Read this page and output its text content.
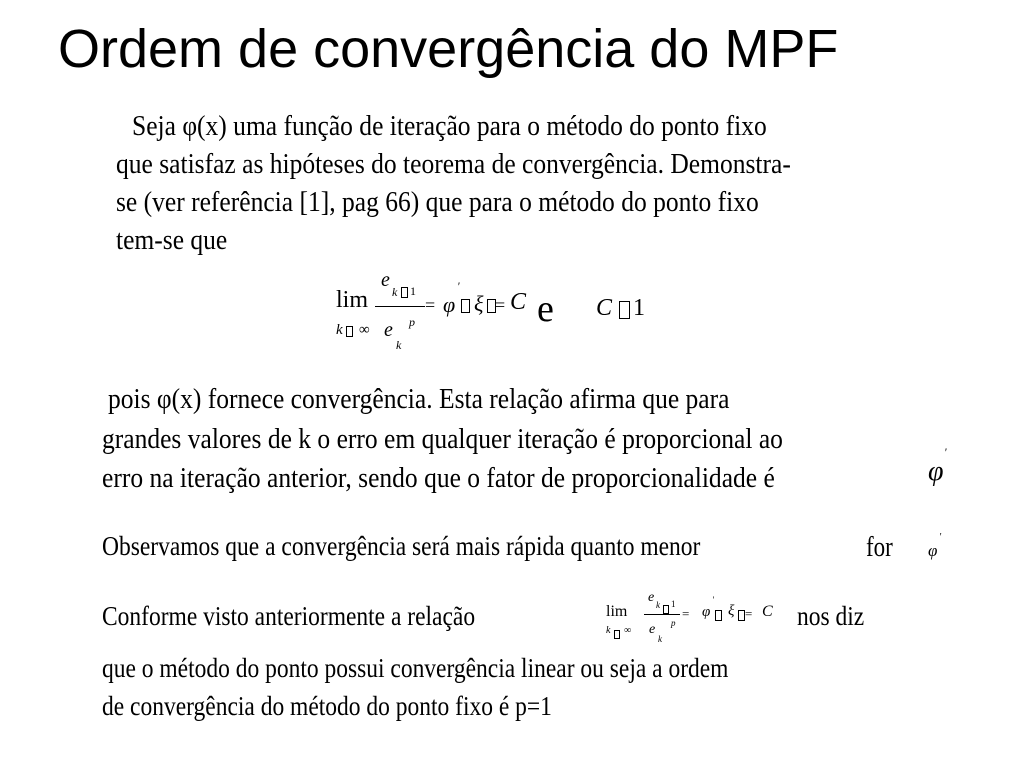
Ordem de convergência do MPF
Seja φ(x) uma função de iteração para o método do ponto fixo
que satisfaz as hipóteses do teorema de convergência. Demonstra-
se (ver referência [1], pag 66) que para o método do ponto fixo
tem-se que
lim
k ∞
e
k 1
e
k
p
= φ
'
ξ = C e C 1
pois φ(x) fornece convergência. Esta relação afirma que para
grandes valores de k o erro em qualquer iteração é proporcional ao
erro na iteração anterior, sendo que o fator de proporcionalidade é	φ
'
Observamos que a convergência será mais rápida quanto menor	for φ
'
Conforme visto anteriormente a relação	lim
k ∞
e k 1
e
k
p
= φ
'
ξ = C nos diz
que o método do ponto possui convergência linear ou seja a ordem
de convergência do método do ponto fixo é p=1
